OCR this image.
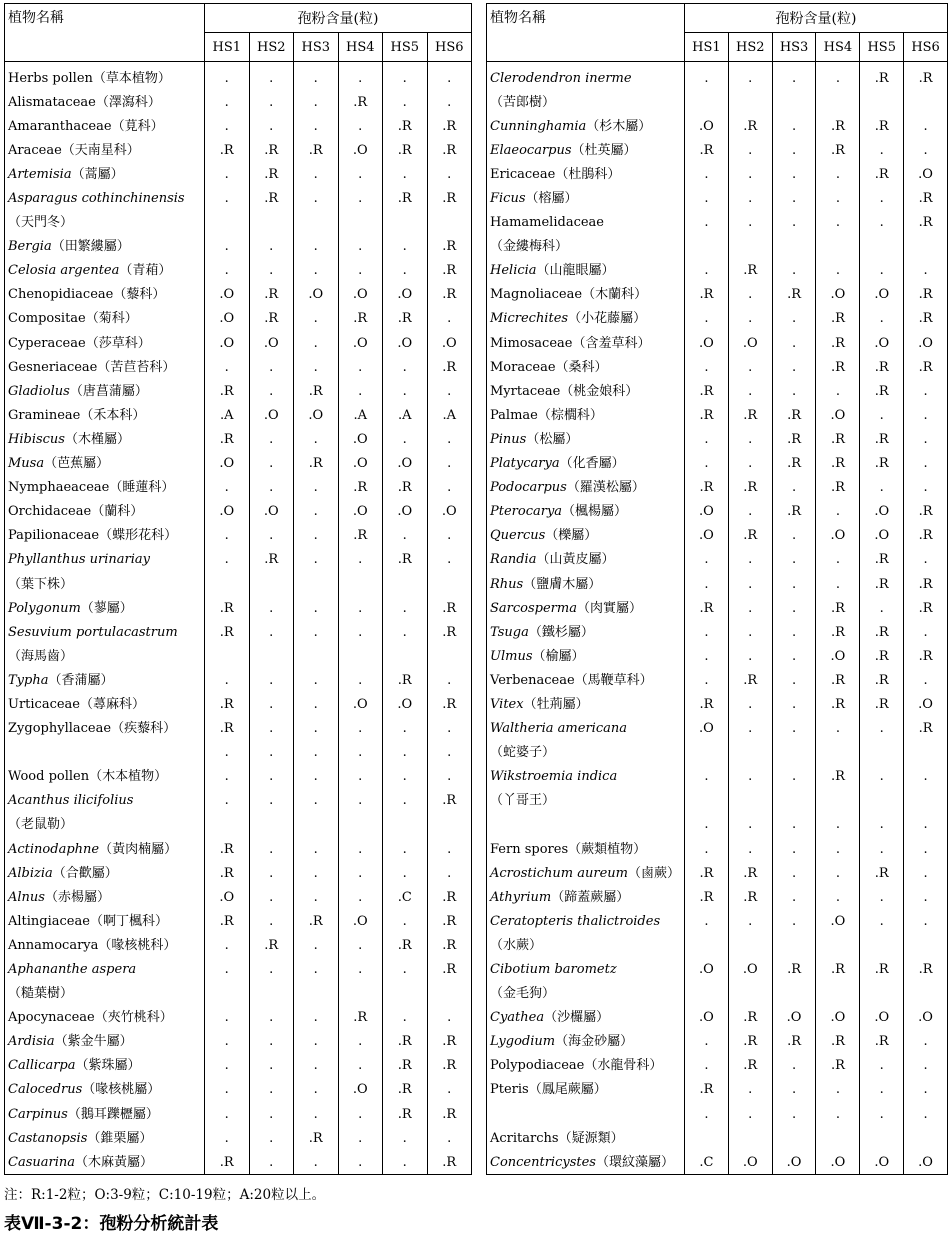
植物名稱	孢粉含量(粒)					
	HS1	HS2	HS3	HS4	HS5	HS6
Herbs pollen（草本植物）	.	.	.	.	.	.
Alismataceae（澤瀉科）	.	.	.	.R	.	.
Amaranthaceae（莧科）	.	.	.	.	.R	.R
Araceae（天南星科）	.R	.R	.R	.O	.R	.R
Artemisia（蒿屬）	.	.R	.	.	.	.
Asparagus cothinchinensis	.	.R	.	.	.R	.R
（天門冬）						
Bergia（田繁縷屬）	.	.	.	.	.	.R
Celosia argentea（青葙）	.	.	.	.	.	.R
Chenopidiaceae（藜科）	.O	.R	.O	.O	.O	.R
Compositae（菊科）	.O	.R	.	.R	.R	.
Cyperaceae（莎草科）	.O	.O	.	.O	.O	.O
Gesneriaceae（苦苣苔科）	.	.	.	.	.	.R
Gladiolus（唐菖蒲屬）	.R	.	.R	.	.	.
Gramineae（禾本科）	.A	.O	.O	.A	.A	.A
Hibiscus（木槿屬）	.R	.	.	.O	.	.
Musa（芭蕉屬）	.O	.	.R	.O	.O	.
Nymphaeaceae（睡蓮科）	.	.	.	.R	.R	.
Orchidaceae（蘭科）	.O	.O	.	.O	.O	.O
Papilionaceae（蝶形花科）	.	.	.	.R	.	.
Phyllanthus urinariay	.	.R	.	.	.R	.
（葉下株）						
Polygonum（蓼屬）	.R	.	.	.	.	.R
Sesuvium portulacastrum	.R	.	.	.	.	.R
（海馬齒）						
Typha（香蒲屬）	.	.	.	.	.R	.
Urticaceae（蕁麻科）	.R	.	.	.O	.O	.R
Zygophyllaceae（疾藜科）	.R	.	.	.	.	.
	.	.	.	.	.	.
Wood pollen（木本植物）	.	.	.	.	.	.
Acanthus ilicifolius	.	.	.	.	.	.R
（老鼠勒）						
Actinodaphne（黃肉楠屬）	.R	.	.	.	.	.
Albizia（合歡屬）	.R	.	.	.	.	.
Alnus（赤楊屬）	.O	.	.	.	.C	.R
Altingiaceae（啊丁楓科）	.R	.	.R	.O	.	.R
Annamocarya（喙核桃科）	.	.R	.	.	.R	.R
Aphananthe aspera	.	.	.	.	.	.R
（糙葉樹）						
Apocynaceae（夾竹桃科）	.	.	.	.R	.	.
Ardisia（紫金牛屬）	.	.	.	.	.R	.R
Callicarpa（紫珠屬）	.	.	.	.	.R	.R
Calocedrus（喙核桃屬）	.	.	.	.O	.R	.
Carpinus（鵝耳躒櫪屬）	.	.	.	.	.R	.R
Castanopsis（錐栗屬）	.	.	.R	.	.	.
Casuarina（木麻黃屬）	.R	.	.	.	.	.R
植物名稱	孢粉含量(粒)					
	HS1	HS2	HS3	HS4	HS5	HS6
Clerodendron inerme	.	.	.	.	.R	.R
（苦郎樹）						
Cunninghamia（杉木屬）	.O	.R	.	.R	.R	.
Elaeocarpus（杜英屬）	.R	.	.	.R	.	.
Ericaceae（杜鵑科）	.	.	.	.	.R	.O
Ficus（榕屬）	.	.	.	.	.	.R
Hamamelidaceae	.	.	.	.	.	.R
（金縷梅科）						
Helicia（山龍眼屬）	.	.R	.	.	.	.
Magnoliaceae（木蘭科）	.R	.	.R	.O	.O	.R
Micrechites（小花藤屬）	.	.	.	.R	.	.R
Mimosaceae（含羞草科）	.O	.O	.	.R	.O	.O
Moraceae（桑科）	.	.	.	.R	.R	.R
Myrtaceae（桃金娘科）	.R	.	.	.	.R	.
Palmae（棕櫚科）	.R	.R	.R	.O	.	.
Pinus（松屬）	.	.	.R	.R	.R	.
Platycarya（化香屬）	.	.	.R	.R	.R	.
Podocarpus（羅漢松屬）	.R	.R	.	.R	.	.
Pterocarya（楓楊屬）	.O	.	.R	.	.O	.R
Quercus（櫟屬）	.O	.R	.	.O	.O	.R
Randia（山黃皮屬）	.	.	.	.	.R	.
Rhus（鹽膚木屬）	.	.	.	.	.R	.R
Sarcosperma（肉實屬）	.R	.	.	.R	.	.R
Tsuga（鐵杉屬）	.	.	.	.R	.R	.
Ulmus（榆屬）	.	.	.	.O	.R	.R
Verbenaceae（馬鞭草科）	.	.R	.	.R	.R	.
Vitex（牡荊屬）	.R	.	.	.R	.R	.O
Waltheria americana	.O	.	.	.	.	.R
（蛇婆子）						
Wikstroemia indica	.	.	.	.R	.	.
（丫哥王）						
	.	.	.	.	.	.
Fern spores（蕨類植物）	.	.	.	.	.	.
Acrostichum aureum（鹵蕨）	.R	.R	.	.	.R	.
Athyrium（蹄蓋蕨屬）	.R	.R	.	.	.	.
Ceratopteris thalictroides	.	.	.	.O	.	.
（水蕨）						
Cibotium barometz	.O	.O	.R	.R	.R	.R
（金毛狗）						
Cyathea（沙欏屬）	.O	.R	.O	.O	.O	.O
Lygodium（海金砂屬）	.	.R	.R	.R	.R	.
Polypodiaceae（水龍骨科）	.	.R	.	.R	.	.
Pteris（鳳尾蕨屬）	.R	.	.	.	.	.
	.	.	.	.	.	.
Acritarchs（疑源類）						
Concentricystes（環紋藻屬）	.C	.O	.O	.O	.O	.O
注：R:1-2粒；O:3-9粒；C:10-19粒；A:20粒以上。
表Ⅶ-3-2：孢粉分析統計表
